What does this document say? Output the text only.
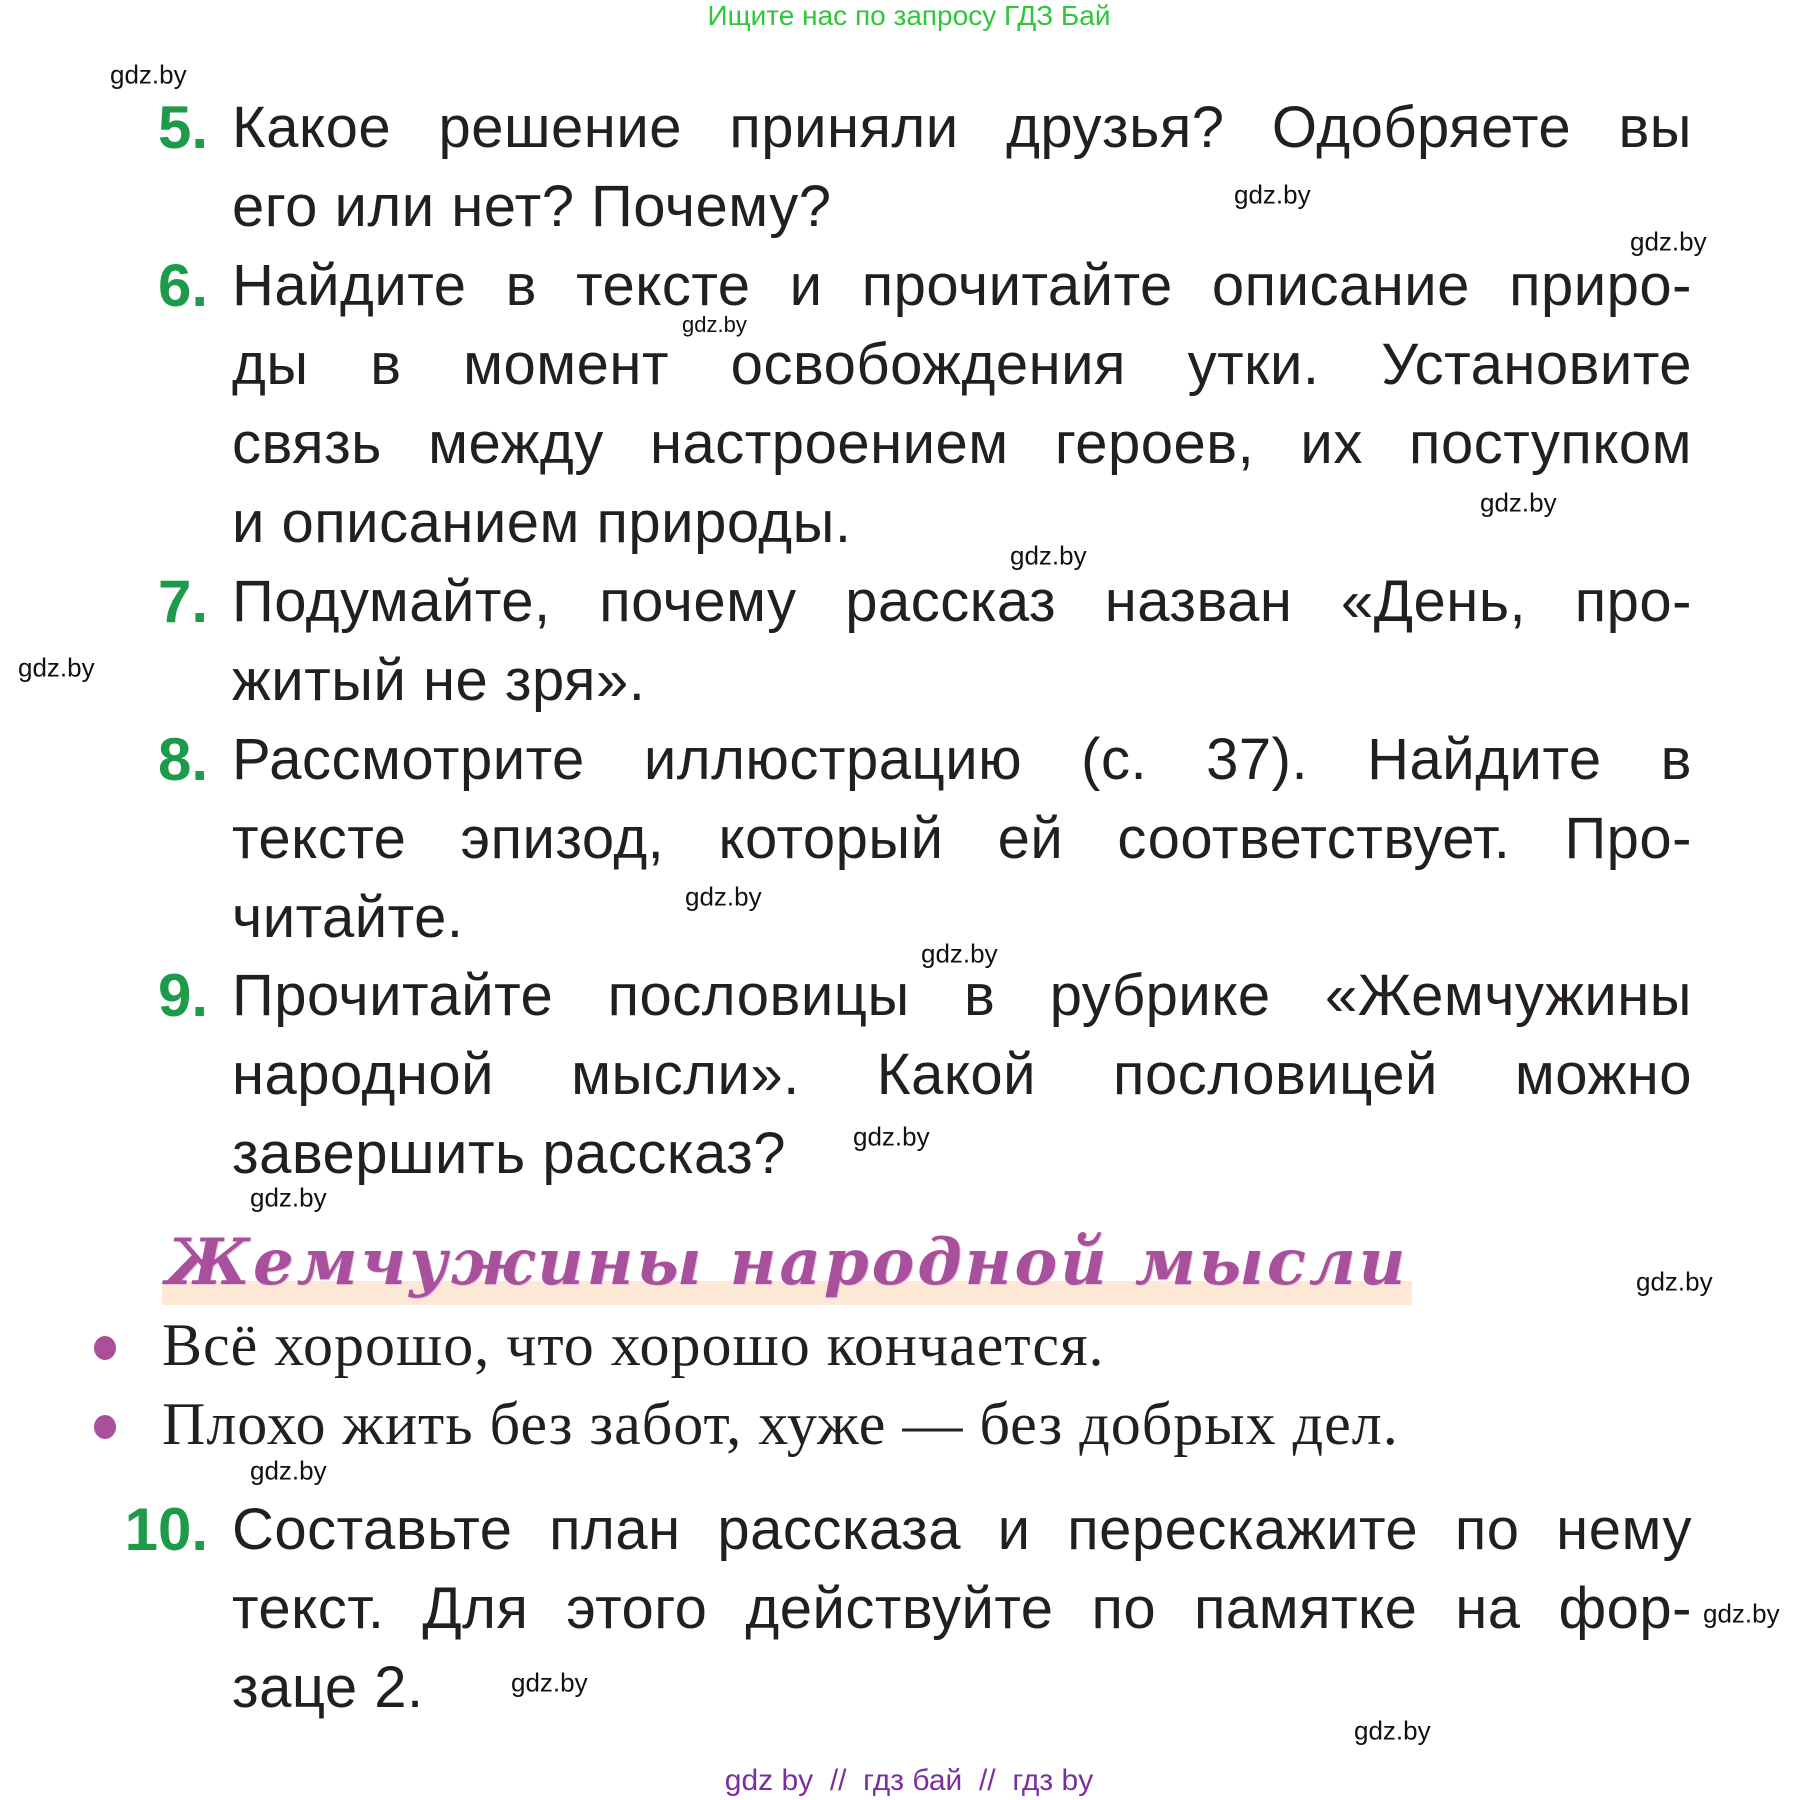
Ищите нас по запросу ГДЗ Бай
5. Какое решение приняли друзья? Одобряете вы
его или нет? Почему?
6. Найдите в тексте и прочитайте описание приро-
ды в момент освобождения утки. Установите
связь между настроением героев, их поступком
и описанием природы.
7. Подумайте, почему рассказ назван «День, про-
житый не зря».
8. Рассмотрите иллюстрацию (с. 37). Найдите в
тексте эпизод, который ей соответствует. Про-
читайте.
9. Прочитайте пословицы в рубрике «Жемчужины
народной мысли». Какой пословицей можно
завершить рассказ?
Жемчужины народной мысли
Всё хорошо, что хорошо кончается.
Плохо жить без забот, хуже — без добрых дел.
10. Составьте план рассказа и перескажите по нему
текст. Для этого действуйте по памятке на фор-
заце 2.
gdz.by
gdz.by
gdz.by
gdz.by
gdz.by
gdz.by
gdz.by
gdz.by
gdz.by
gdz.by
gdz.by
gdz.by
gdz.by
gdz.by
gdz.by
gdz.by
gdz by  //  гдз бай  //  гдз by
